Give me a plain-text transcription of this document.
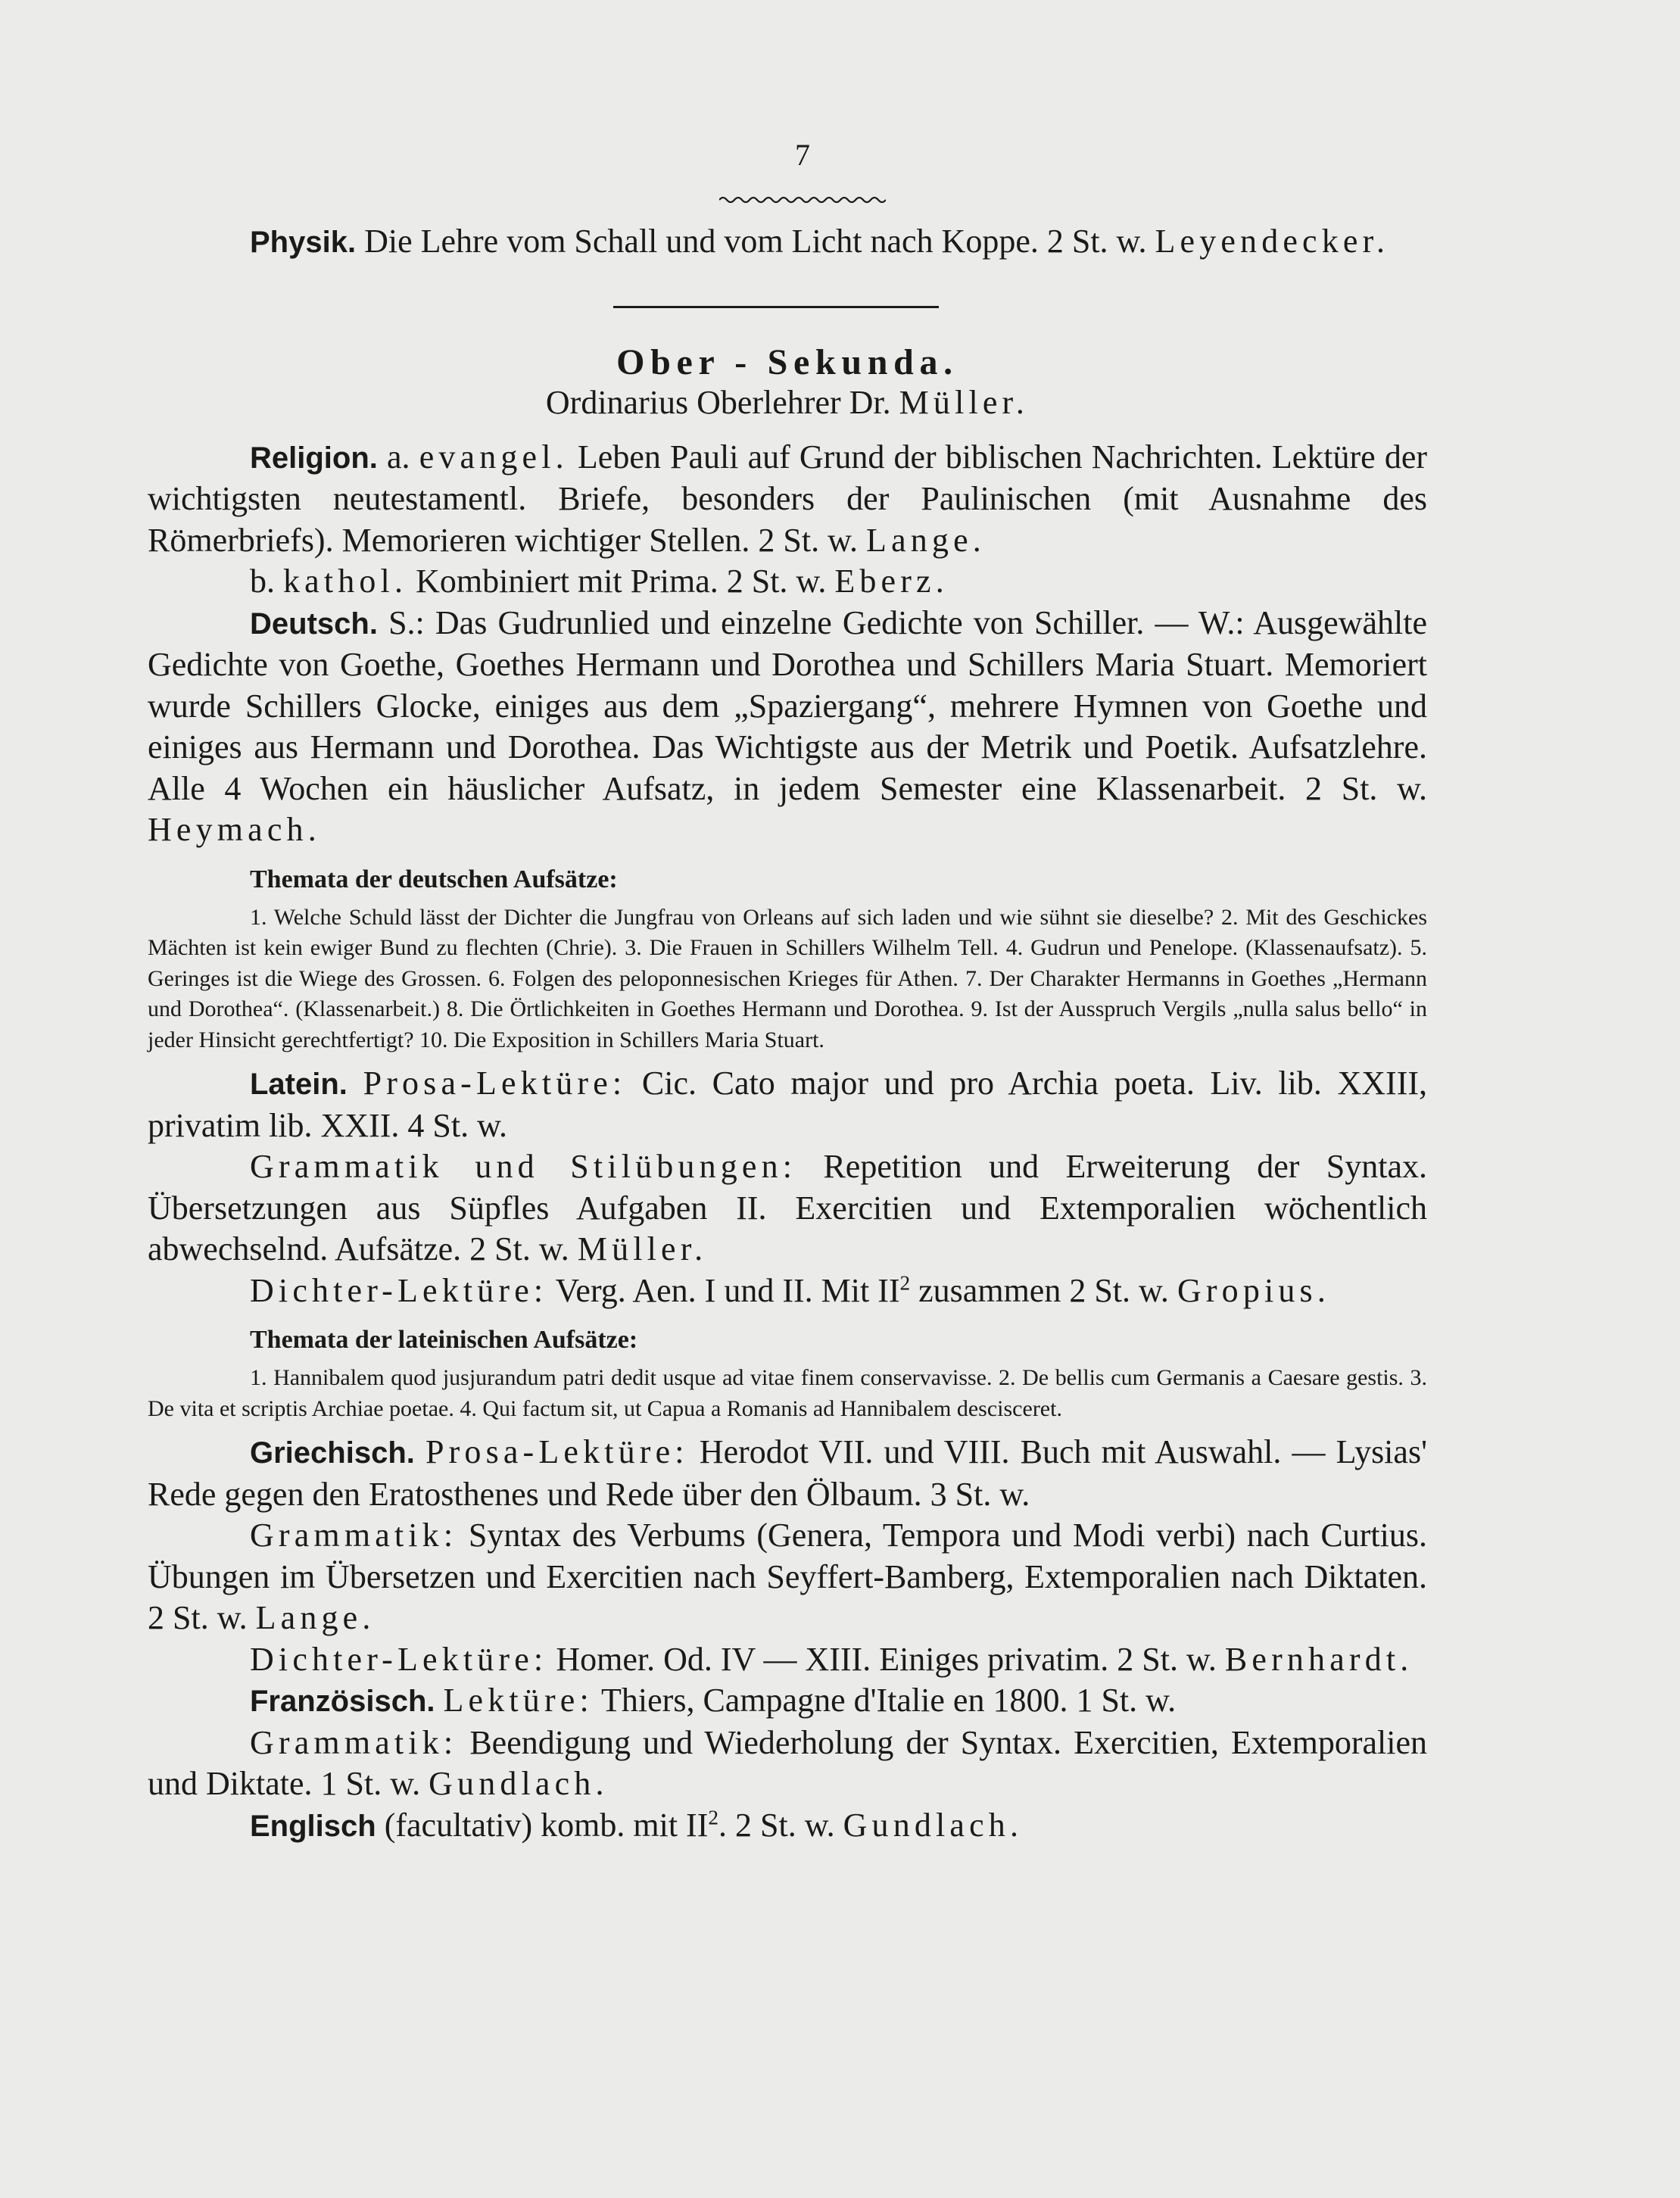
7

Physik. Die Lehre vom Schall und vom Licht nach Koppe. 2 St. w. Leyendecker.

Ober - Sekunda.
Ordinarius Oberlehrer Dr. Müller.

Religion. a. evangel. Leben Pauli auf Grund der biblischen Nachrichten. Lektüre der wichtigsten neutestamentl. Briefe, besonders der Paulinischen (mit Ausnahme des Römerbriefs). Memorieren wichtiger Stellen. 2 St. w. Lange.

b. kathol. Kombiniert mit Prima. 2 St. w. Eberz.

Deutsch. S.: Das Gudrunlied und einzelne Gedichte von Schiller. — W.: Ausgewählte Gedichte von Goethe, Goethes Hermann und Dorothea und Schillers Maria Stuart. Memoriert wurde Schillers Glocke, einiges aus dem „Spaziergang“, mehrere Hymnen von Goethe und einiges aus Hermann und Dorothea. Das Wichtigste aus der Metrik und Poetik. Aufsatzlehre. Alle 4 Wochen ein häuslicher Aufsatz, in jedem Semester eine Klassenarbeit. 2 St. w. Heymach.

Themata der deutschen Aufsätze:

1. Welche Schuld lässt der Dichter die Jungfrau von Orleans auf sich laden und wie sühnt sie dieselbe? 2. Mit des Geschickes Mächten ist kein ewiger Bund zu flechten (Chrie). 3. Die Frauen in Schillers Wilhelm Tell. 4. Gudrun und Penelope. (Klassenaufsatz). 5. Geringes ist die Wiege des Grossen. 6. Folgen des peloponnesischen Krieges für Athen. 7. Der Charakter Hermanns in Goethes „Hermann und Dorothea“. (Klassenarbeit.) 8. Die Örtlichkeiten in Goethes Hermann und Dorothea. 9. Ist der Ausspruch Vergils „nulla salus bello“ in jeder Hinsicht gerechtfertigt? 10. Die Exposition in Schillers Maria Stuart.

Latein. Prosa-Lektüre: Cic. Cato major und pro Archia poeta. Liv. lib. XXIII, privatim lib. XXII. 4 St. w.

Grammatik und Stilübungen: Repetition und Erweiterung der Syntax. Übersetzungen aus Süpfles Aufgaben II. Exercitien und Extemporalien wöchentlich abwechselnd. Aufsätze. 2 St. w. Müller.

Dichter-Lektüre: Verg. Aen. I und II. Mit $II^2$ zusammen 2 St. w. Gropius.

Themata der lateinischen Aufsätze:

1. Hannibalem quod jusjurandum patri dedit usque ad vitae finem conservavisse. 2. De bellis cum Germanis a Caesare gestis. 3. De vita et scriptis Archiae poetae. 4. Qui factum sit, ut Capua a Romanis ad Hannibalem descisceret.

Griechisch. Prosa-Lektüre: Herodot VII. und VIII. Buch mit Auswahl. — Lysias' Rede gegen den Eratosthenes und Rede über den Ölbaum. 3 St. w.

Grammatik: Syntax des Verbums (Genera, Tempora und Modi verbi) nach Curtius. Übungen im Übersetzen und Exercitien nach Seyffert-Bamberg, Extemporalien nach Diktaten. 2 St. w. Lange.

Dichter-Lektüre: Homer. Od. IV — XIII. Einiges privatim. 2 St. w. Bernhardt.

Französisch. Lektüre: Thiers, Campagne d'Italie en 1800. 1 St. w.

Grammatik: Beendigung und Wiederholung der Syntax. Exercitien, Extemporalien und Diktate. 1 St. w. Gundlach.

Englisch (facultativ) komb. mit $II^2$. 2 St. w. Gundlach.
